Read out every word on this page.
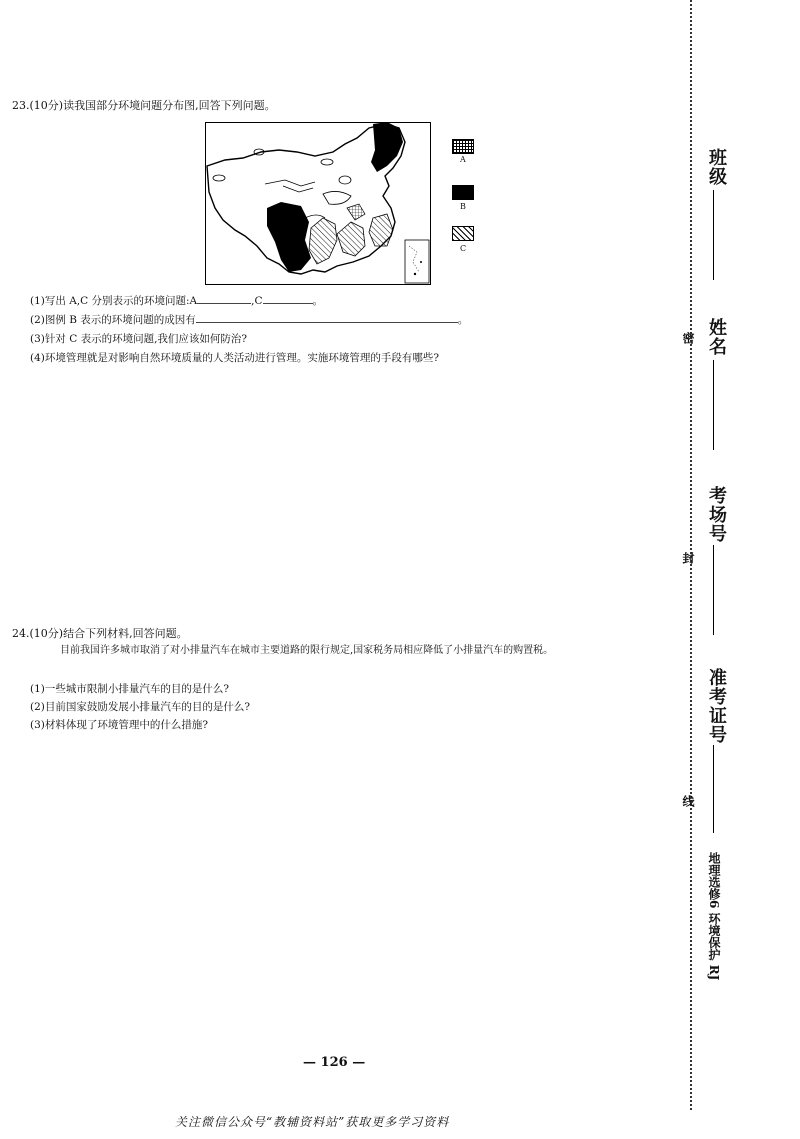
23.(10分)读我国部分环境问题分布图,回答下列问题。
A
B
C
(1)写出 A,C 分别表示的环境问题:A	,C	。
(2)图例 B 表示的环境问题的成因有	。
(3)针对 C 表示的环境问题,我们应该如何防治?
(4)环境管理就是对影响自然环境质量的人类活动进行管理。实施环境管理的手段有哪些?
24.(10分)结合下列材料,回答问题。
目前我国许多城市取消了对小排量汽车在城市主要道路的限行规定,国家税务局相应降低了小排量汽车的购置税。
(1)一些城市限制小排量汽车的目的是什么?
(2)目前国家鼓励发展小排量汽车的目的是什么?
(3)材料体现了环境管理中的什么措施?
— 126 —
关注微信公众号“教辅资料站”获取更多学习资料
班级
密 姓名
考场号
封
准考证号
线
地理选修6 环境保护 RJ
